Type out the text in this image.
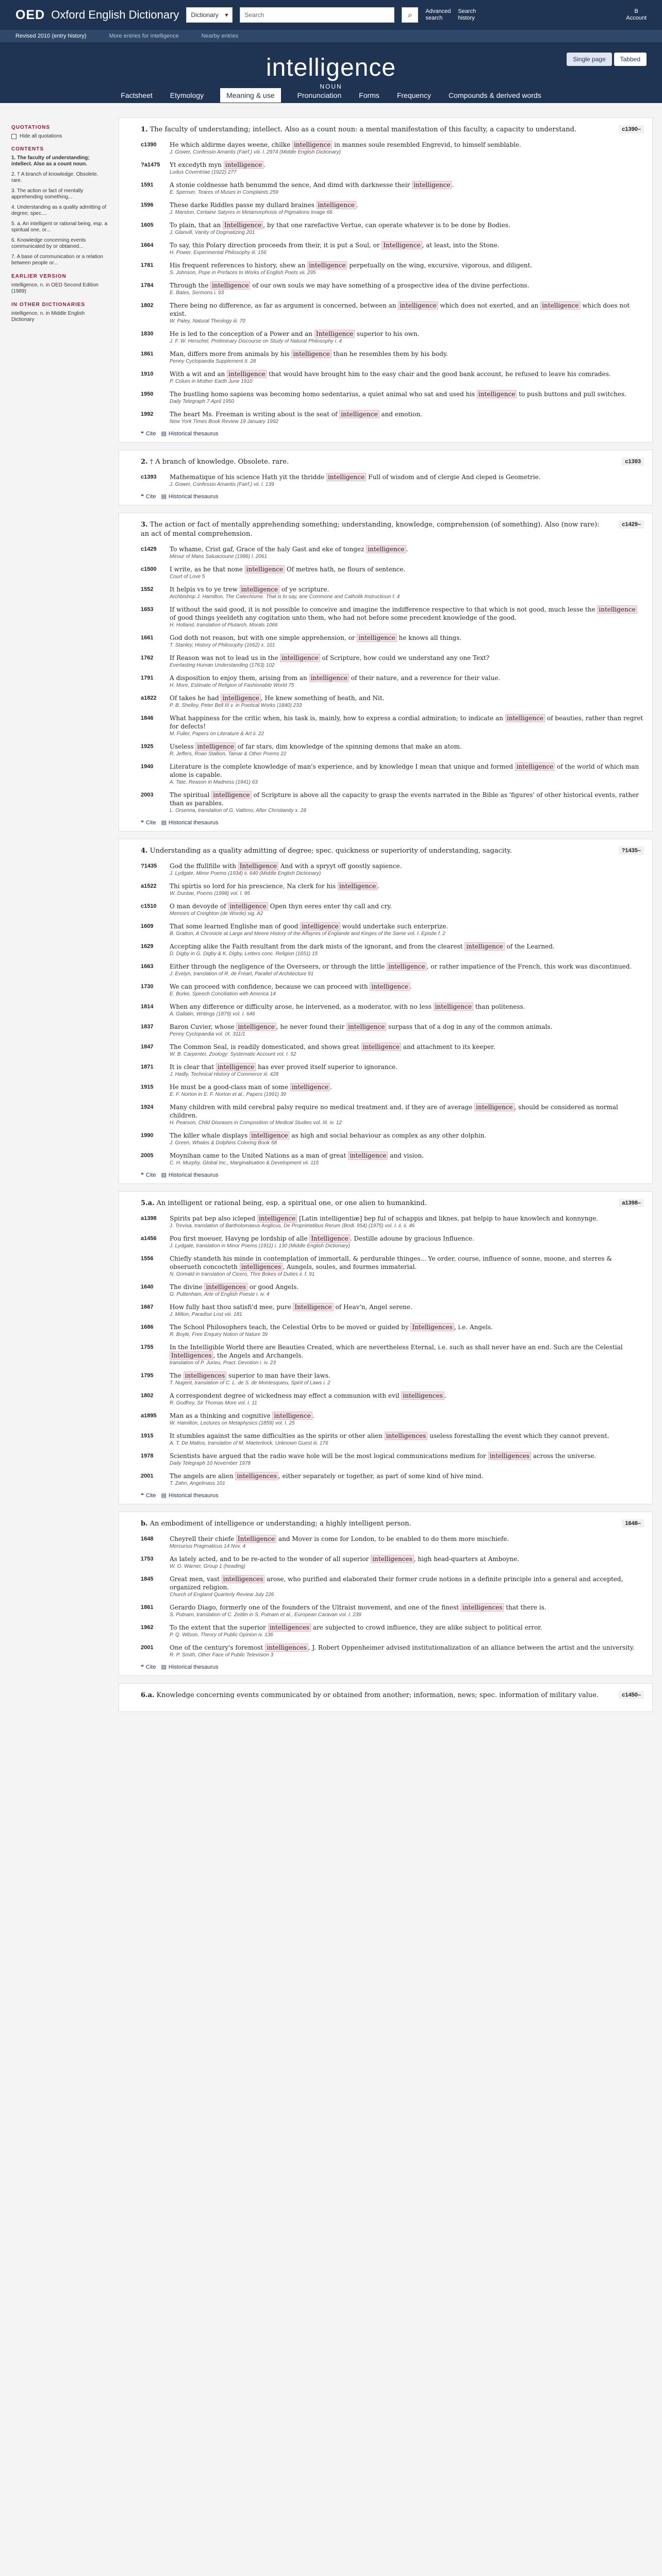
OED Oxford English Dictionary Dictionary ▾	Search	⌕ Advanced
search
Search
history
B
Account
Revised 2010 (entry history)	More entries for intelligence	Nearby entries
intelligence
NOUN
Single page	Tabbed
Factsheet Etymology	Meaning & use	Pronunciation Forms Frequency Compounds & derived words
QUOTATIONS
Hide all quotations
CONTENTS
1. The faculty of understanding; intellect. Also as a count noun.
2. † A branch of knowledge. Obsolete. rare.
3. The action or fact of mentally apprehending something...
4. Understanding as a quality admitting of degree; spec....
5. a. An intelligent or rational being, esp. a spiritual one, or...
6. Knowledge concerning events communicated by or obtained...
7. A base of communication or a relation between people or...
EARLIER VERSION

intelligence, n. in OED Second Edition (1989)

IN OTHER DICTIONARIES

intelligence, n. in Middle English Dictionary

1. The faculty of understanding; intellect. Also as a count noun: a mental manifestation of this faculty, a capacity to understand.	c1390–
c1390	He which aldirme dayes weene, chilke intelligence in mannes soule resembled Engrevid, to himself semblable.
J. Gower, Confessio Amantis (Fairf.) viii. l. 2974 (Middle English Dictionary)
?a1475	Yt excedyth myn intelligence .
Ludus Coventriae (1922) 277
1591	A stonie coldnesse hath benummd the sence, And dimd with darknesse their intelligence .
E. Spenser, Teares of Muses in Complaints 259
1596	These darke Riddles passe my dullard braines intelligence .
J. Marston, Certaine Satyres in Metamorphosis of Pigmalions Image 66
1605	To plain, that an Intelligence , by that one rarefactive Vertue, can operate whatever is to be done by Bodies.
J. Glanvill, Vanity of Dogmatizing 201
1664	To say, this Polary direction proceeds from their, it is put a Soul, or Intelligence , at least, into the Stone.
H. Power, Experimental Philosophy iii. 156
1781	His frequent references to history, shew an intelligence perpetually on the wing, excursive, vigorous, and diligent.
S. Johnson, Pope in Prefaces to Works of English Poets vii. 295
1784	Through the intelligence of our own souls we may have something of a prospective idea of the divine perfections.
E. Bates, Sermons i. 93
1802	There being no difference, as far as argument is concerned, between an intelligence which does not exerted, and an intelligence which does not exist.
W. Paley, Natural Theology iii. 70
1830	He is led to the conception of a Power and an Intelligence superior to his own.
J. F. W. Herschel, Preliminary Discourse on Study of Natural Philosophy i. 4
1861	Man, differs more from animals by his intelligence than he resembles them by his body.
Penny Cyclopaedia Supplement II. 28
1910	With a wit and an intelligence that would have brought him to the easy chair and the good bank account, he refused to leave his comrades.
P. Colum in Mother Earth June 1910
1950	The bustling homo sapiens was becoming homo sedentarius, a quiet animal who sat and used his intelligence to push buttons and pull switches.
Daily Telegraph 7 April 1950
1992	The heart Ms. Freeman is writing about is the seat of intelligence and emotion.
New York Times Book Review 19 January 1992
❝ Cite ▤ Historical thesaurus
2. † A branch of knowledge. Obsolete. rare.	c1393
c1393	Mathematique of his science Hath yit the thridde intelligence Full of wisdom and of clergie And cleped is Geometrie.
J. Gower, Confessio Amantis (Fairf.) vii. l. 139
❝ Cite ▤ Historical thesaurus
3. The action or fact of mentally apprehending something; understanding, knowledge, comprehension (of something). Also (now rare): an act of mental comprehension.
c1429–
c1429	To whame, Crist gaf, Grace of the haly Gast and eke of tongez intelligence .
Mirour of Mans Saluacioune (1986) l. 2061
c1500	I write, as he that none intelligence Of metres hath, ne flours of sentence.
Court of Love 5
1552	It helpis vs to ye trew intelligence of ye scripture.
Archbishop J. Hamilton, The Catechisme. That is to say, ane Commone and Catholik Instructioun f. 4
1653	If without the said good, it is not possible to conceive and imagine the indifference respective to that which is not good, much lesse the intelligence of good things yeeldeth any cogitation unto them, who had not before some precedent knowledge of the good.
H. Holland, translation of Plutarch, Morals 1066
1661	God doth not reason, but with one simple apprehension, or intelligence he knows all things.
T. Stanley, History of Philosophy (1662) x. 101
1762	If Reason was not to lead us in the intelligence of Scripture, how could we understand any one Text?
Everlasting Human Understanding (1763) 102
1791	A disposition to enjoy them, arising from an intelligence of their nature, and a reverence for their value.
H. More, Estimate of Religion of Fashionable World 75
a1822	Of takes he had intelligence , He knew something of heath, and Nit.
P. B. Shelley, Peter Bell III v. in Poetical Works (1840) 233
1846	What happiness for the critic when, his task is, mainly, how to express a cordial admiration; to indicate an intelligence of beauties, rather than regret for defects!
M. Fuller, Papers on Literature & Art ii. 22
1925	Useless intelligence of far stars, dim knowledge of the spinning demons that make an atom.
R. Jeffers, Roan Stallion, Tamar & Other Poems 22
1940	Literature is the complete knowledge of man's experience, and by knowledge I mean that unique and formed intelligence of the world of which man alone is capable.
A. Tate, Reason in Madness (1941) 63
2003	The spiritual intelligence of Scripture is above all the capacity to grasp the events narrated in the Bible as 'figures' of other historical events, rather than as parables.
L. Orsenna, translation of G. Vattimo, After Christianity x. 28
❝ Cite ▤ Historical thesaurus
4. Understanding as a quality admitting of degree; spec. quickness or superiority of understanding, sagacity.	?1435–
?1435	God the ffullfille with Intelligence And with a spryyt off goostly sapience.
J. Lydgate, Minor Poems (1934) ii. 640 (Middle English Dictionary)
a1522	Thi spirtis so lord for his prescience, Na clerk for his intelligence .
W. Dunbar, Poems (1998) vol. I. 95
c1510	O man devoyde of intelligence Open thyn eeres enter thy call and cry.
Memoirs of Creighton (de Worde) sig. A2
1609	That some learned Englishe man of good intelligence would undertake such enterprize.
B. Gratton, A Chronicle at Large and Meere History of the Affayres of Englande and Kinges of the Same vol. I. Epistle f. 2
1629	Accepting alike the Faith resultant from the dark mists of the ignorant, and from the clearest intelligence of the Learned.
D. Digby in G. Digby & K. Digby, Letters conc. Religion (1651) 15
1663	Either through the negligence of the Overseers, or through the little intelligence , or rather impatience of the French, this work was discontinued.
J. Evelyn, translation of R. de Fréart, Parallel of Architecture 91
1730	We can proceed with confidence, because we can proceed with intelligence .
E. Burke, Speech Conciliation with America 14
1814	When any difference or difficulty arose, he intervened, as a moderator, with no less intelligence than politeness.
A. Gallatin, Writings (1879) vol. I. 646
1837	Baron Cuvier, whose intelligence , he never found their intelligence surpass that of a dog in any of the common animals.
Penny Cyclopaedia vol. IX. 311/1
1847	The Common Seal, is readily domesticated, and shows great intelligence and attachment to its keeper.
W. B. Carpenter, Zoology: Systematic Account vol. I. 52
1871	It is clear that intelligence has ever proved itself superior to ignorance.
J. Hadly, Technical History of Commerce iii. 428
1915	He must be a good-class man of some intelligence .
E. F. Norton in E. F. Norton et al., Papers (1991) 39
1924	Many children with mild cerebral palsy require no medical treatment and, if they are of average intelligence , should be considered as normal children.
H. Pearson, Child Diseases in Composition of Medical Studies vol. III. iv. 12
1990	The killer whale displays intelligence as high and social behaviour as complex as any other dolphin.
J. Green, Whales & Dolphins Coloring Book 58
2005	Moynihan came to the United Nations as a man of great intelligence and vision.
C. H. Murphy, Global Inc., Marginalisation & Development vii. 115
❝ Cite ▤ Historical thesaurus
5.a. An intelligent or rational being, esp. a spiritual one, or one alien to humankind.	a1398–
a1398	Spirits pat bep also icleped intelligence [Latin intelligentiæ] bep ful of schappis and liknes, pat helpip to haue knowlech and konnynge.
J. Trevisa, translation of Bartholomaeus Anglicus, De Proprietatibus Rerum (Bodl. 954) (1975) vol. I. ii. ii. 46
a1456	Pou first moeuer, Havyng pe lordship of alle Intelligence . Destille adoune by gracious Influence.
J. Lydgate, translation in Minor Poems (1911) i. 130 (Middle English Dictionary)
1556	Chiefly standeth his minde in contemplation of immortall, & perdurable thinges... Ye order, course, influence of sonne, moone, and sterres & obserueth concocteth intelligences , Aungels, soules, and fourmes immaterial.
N. Grimald in translation of Cicero, Thre Bokes of Duties ii. f. 91
1640	The divine intelligences or good Angels.
G. Puttenham, Arte of English Poesie i. iv. 4
1667	How fully hast thou satisfi'd mee, pure Intelligence of Heav'n, Angel serene.
J. Milton, Paradise Lost viii. 181
1686	The School Philosophers teach, the Celestial Orbs to be moved or guided by Intelligences , i.e. Angels.
R. Boyle, Free Enquiry Notion of Nature 39
1755	In the Intelligible World there are Beauties Created, which are nevertheless Eternal, i.e. such as shall never have an end. Such are the Celestial Intelligences , the Angels and Archangels.
translation of P. Jurieu, Pract. Devotion i. iv. 23
1795	The intelligences superior to man have their laws.
T. Nugent, translation of C. L. de S. de Montesquieu, Spirit of Laws i. 2
1802	A correspondent degree of wickedness may effect a communion with evil intelligences .
R. Godfrey, Sir Thomas More vol. I. 11
a1895	Man as a thinking and cognitive intelligence .
W. Hamilton, Lectures on Metaphysics (1859) vol. I. 25
1915	It stumbles against the same difficulties as the spirits or other alien intelligences useless forestalling the event which they cannot prevent.
A. T. De Mattos, translation of M. Maeterlinck, Unknown Guest iii. 176
1978	Scientists have argued that the radio wave hole will be the most logical communications medium for intelligences across the universe.
Daily Telegraph 10 November 1978
2001	The angels are alien intelligences , either separately or together, as part of some kind of hive mind.
T. Zahn, Angelmass 101
❝ Cite ▤ Historical thesaurus
b. An embodiment of intelligence or understanding; a highly intelligent person.	1648–
1648	Cheyrell their chiefe Intelligence and Mover is come for London, to be enabled to do them more mischiefe.
Mercurius Pragmaticus 14 Nov. 4
1753	As lately acted, and to be re-acted to the wonder of all superior intelligences , high head-quarters at Amboyne.
W. O. Warner, Group 1 (heading)
1845	Great men, vast intelligences arose, who purified and elaborated their former crude notions in a definite principle into a general and accepted, organized religion.
Church of England Quarterly Review July 226
1861	Gerardo Diago, formerly one of the founders of the Ultraist movement, and one of the finest intelligences that there is.
S. Putnam, translation of C. Zeitlin in S. Putnam et al., European Caravan vol. I. 239
1962	To the extent that the superior intelligences are subjected to crowd influence, they are alike subject to political error.
P. Q. Wilson, Theory of Public Opinion iv. 136
2001	One of the century's foremost intelligences , J. Robert Oppenheimer advised institutionalization of an alliance between the artist and the university.
R. P. Smith, Other Face of Public Television 3
❝ Cite ▤ Historical thesaurus
6.a. Knowledge concerning events communicated by or obtained from another; information, news; spec. information of military value.	c1450–
